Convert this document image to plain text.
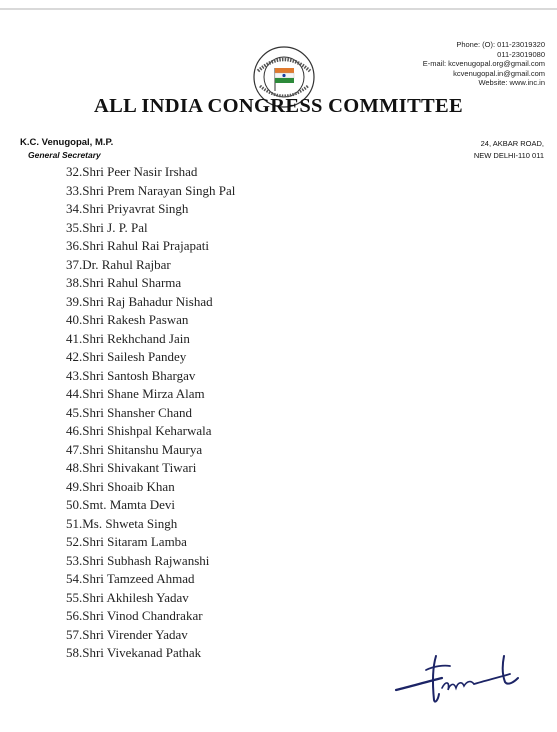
Phone: (O): 011-23019320
011-23019080
E-mail: kcvenugopal.org@gmail.com
kcvenugopal.in@gmail.com
Website: www.inc.in
ALL INDIA CONGRESS COMMITTEE
K.C. Venugopal, M.P.
General Secretary
24, AKBAR ROAD,
NEW DELHI-110 011
32.Shri Peer Nasir Irshad
33.Shri Prem Narayan Singh Pal
34.Shri Priyavrat Singh
35.Shri J. P. Pal
36.Shri Rahul Rai Prajapati
37.Dr. Rahul Rajbar
38.Shri Rahul Sharma
39.Shri Raj Bahadur Nishad
40.Shri Rakesh Paswan
41.Shri Rekhchand Jain
42.Shri Sailesh Pandey
43.Shri Santosh Bhargav
44.Shri Shane Mirza Alam
45.Shri Shansher Chand
46.Shri Shishpal Keharwala
47.Shri Shitanshu Maurya
48.Shri Shivakant Tiwari
49.Shri Shoaib Khan
50.Smt. Mamta Devi
51.Ms. Shweta Singh
52.Shri Sitaram Lamba
53.Shri Subhash Rajwanshi
54.Shri Tamzeed Ahmad
55.Shri Akhilesh Yadav
56.Shri Vinod Chandrakar
57.Shri Virender Yadav
58.Shri Vivekanad Pathak
